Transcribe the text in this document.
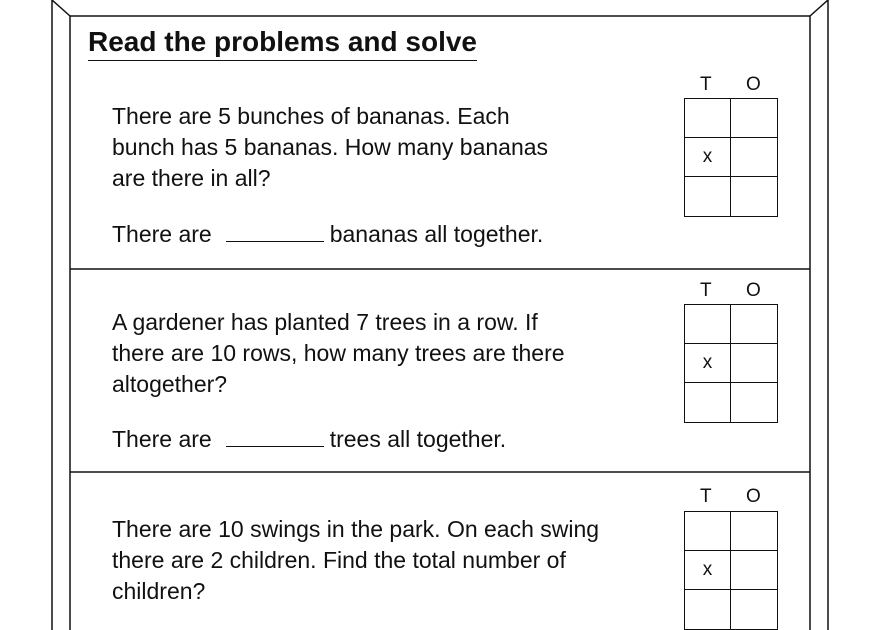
Read the problems and solve
There are 5 bunches of bananas. Each
bunch has 5 bananas. How many bananas
are there in all?
There are	bananas all together.
T O
x
A gardener has planted 7 trees in a row. If
there are 10 rows, how many trees are there
altogether?
There are	trees all together.
T O
x
There are 10 swings in the park. On each swing
there are 2 children. Find the total number of
children?
T O
x
